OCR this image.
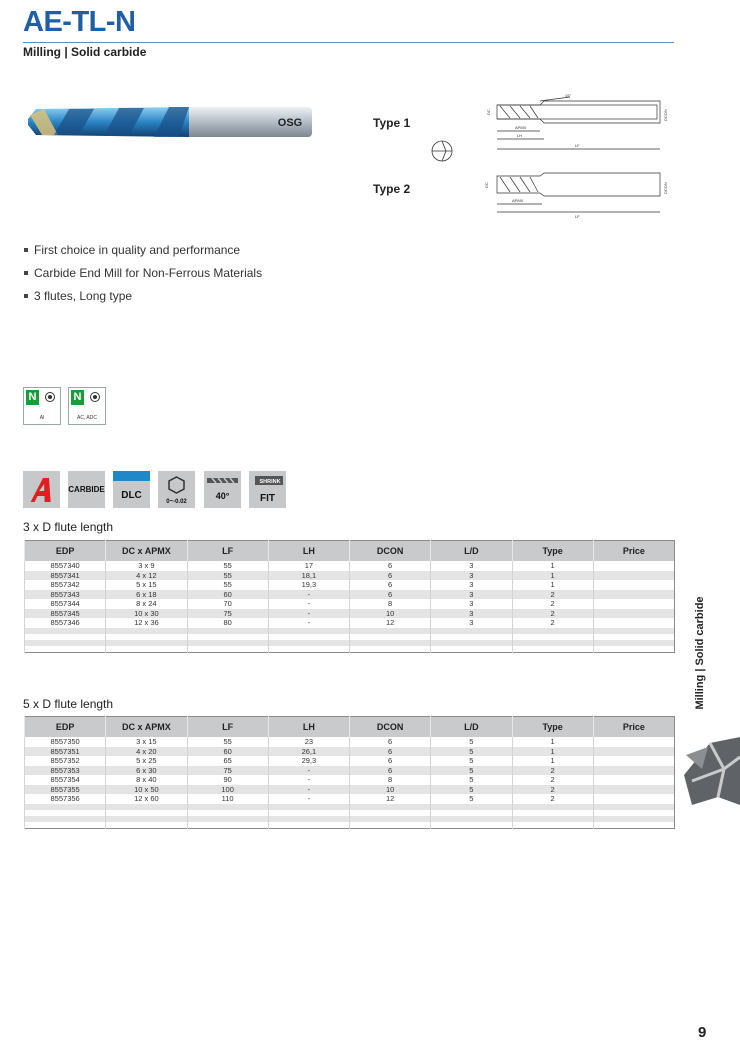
AE-TL-N
Milling | Solid carbide
OSG	Type 1
Type 2
15°
DC
APMX
LH
LF
DCON
DC
APMX
LF
DCON
First choice in quality and performance
Carbide End Mill for Non-Ferrous Materials
3 flutes, Long type
N
Al
N
AC, ADC
CARBIDE
DLC
0~-0.02
40°
SHRINK
FIT
3 x D flute length
EDP	DC x APMX	LF	LH	DCON	L/D	Type	Price
8557340	3 x 9	55	17	6	3	1	
8557341	4 x 12	55	18,1	6	3	1	
8557342	5 x 15	55	19,3	6	3	1	
8557343	6 x 18	60	-	6	3	2	
8557344	8 x 24	70	-	8	3	2	
8557345	10 x 30	75	-	10	3	2	
8557346	12 x 36	80	-	12	3	2	

5 x D flute length
EDP	DC x APMX	LF	LH	DCON	L/D	Type	Price
8557350	3 x 15	55	23	6	5	1	
8557351	4 x 20	60	26,1	6	5	1	
8557352	5 x 25	65	29,3	6	5	1	
8557353	6 x 30	75	-	6	5	2	
8557354	8 x 40	90	-	8	5	2	
8557355	10 x 50	100	-	10	5	2	
8557356	12 x 60	110	-	12	5	2	

Milling | Solid carbide
9
